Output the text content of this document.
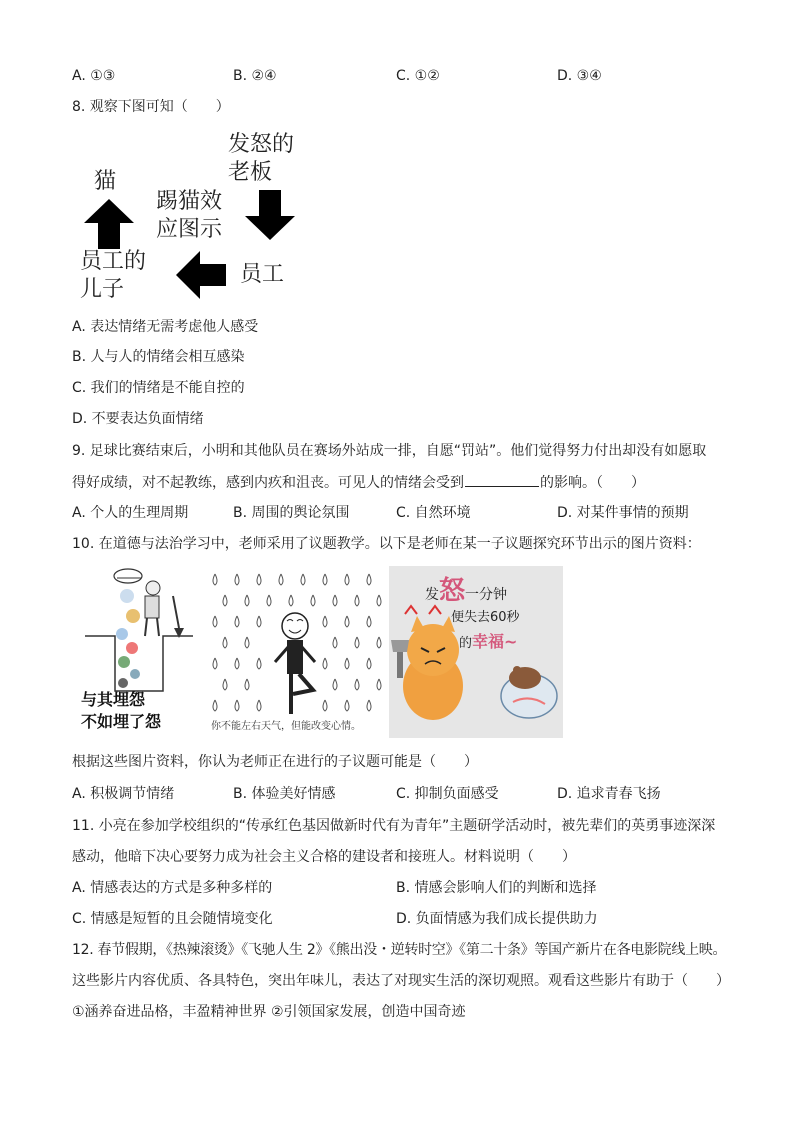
A. ①③	B. ②④	C. ①②	D. ③④
8. 观察下图可知（　　）
发怒的
老板
猫
踢猫效
应图示
员工的
儿子
员工
A. 表达情绪无需考虑他人感受
B. 人与人的情绪会相互感染
C. 我们的情绪是不能自控的
D. 不要表达负面情绪
9. 足球比赛结束后，小明和其他队员在赛场外站成一排，自愿“罚站”。他们觉得努力付出却没有如愿取
得好成绩，对不起教练，感到内疚和沮丧。可见人的情绪会受到	的影响。（　　）
A. 个人的生理周期	B. 周围的舆论氛围	C. 自然环境	D. 对某件事情的预期
10. 在道德与法治学习中，老师采用了议题教学。以下是老师在某一子议题探究环节出示的图片资料：
与其埋怨
不如埋了怨	你不能左右天气，但能改变心情。
发怒一分钟
便失去60秒
的幸福~
根据这些图片资料，你认为老师正在进行的子议题可能是（　　）
A. 积极调节情绪	B. 体验美好情感	C. 抑制负面感受	D. 追求青春飞扬
11. 小亮在参加学校组织的“传承红色基因做新时代有为青年”主题研学活动时，被先辈们的英勇事迹深深
感动，他暗下决心要努力成为社会主义合格的建设者和接班人。材料说明（　　）
A. 情感表达的方式是多种多样的	B. 情感会影响人们的判断和选择
C. 情感是短暂的且会随情境变化	D. 负面情感为我们成长提供助力
12. 春节假期，《热辣滚烫》《飞驰人生 2》《熊出没・逆转时空》《第二十条》等国产新片在各电影院线上映。
这些影片内容优质、各具特色，突出年味儿，表达了对现实生活的深切观照。观看这些影片有助于（　　）
①涵养奋进品格，丰盈精神世界 ②引领国家发展，创造中国奇迹
